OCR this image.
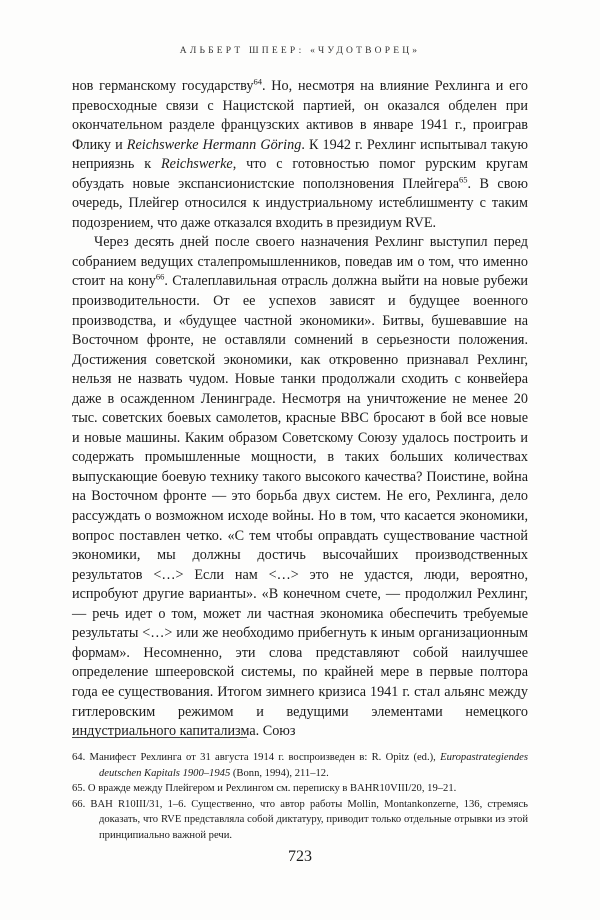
АЛЬБЕРТ ШПЕЕР: «ЧУДОТВОРЕЦ»

нов германскому государству$^{64}$. Но, несмотря на влияние Рехлинга и его превосходные связи с Нацистской партией, он оказался обделен при окончательном разделе французских активов в январе 1941 г., проиграв Флику и Reichswerke Hermann Göring. К 1942 г. Рехлинг испытывал такую неприязнь к Reichswerke, что с готовностью помог рурским кругам обуздать новые экспансионистские поползновения Плейгера$^{65}$. В свою очередь, Плейгер относился к индустриальному истеблишменту с таким подозрением, что даже отказался входить в президиум RVE.

Через десять дней после своего назначения Рехлинг выступил перед собранием ведущих сталепромышленников, поведав им о том, что именно стоит на кону$^{66}$. Сталеплавильная отрасль должна выйти на новые рубежи производительности. От ее успехов зависят и будущее военного производства, и «будущее частной экономики». Битвы, бушевавшие на Восточном фронте, не оставляли сомнений в серьезности положения. Достижения советской экономики, как откровенно признавал Рехлинг, нельзя не назвать чудом. Новые танки продолжали сходить с конвейера даже в осажденном Ленинграде. Несмотря на уничтожение не менее 20 тыс. советских боевых самолетов, красные ВВС бросают в бой все новые и новые машины. Каким образом Советскому Союзу удалось построить и содержать промышленные мощности, в таких больших количествах выпускающие боевую технику такого высокого качества? Поистине, война на Восточном фронте — это борьба двух систем. Не его, Рехлинга, дело рассуждать о возможном исходе войны. Но в том, что касается экономики, вопрос поставлен четко. «С тем чтобы оправдать существование частной экономики, мы должны достичь высочайших производственных результатов <…> Если нам <…> это не удастся, люди, вероятно, испробуют другие варианты». «В конечном счете, — продолжил Рехлинг, — речь идет о том, может ли частная экономика обеспечить требуемые результаты <…> или же необходимо прибегнуть к иным организационным формам». Несомненно, эти слова представляют собой наилучшее определение шпееровской системы, по крайней мере в первые полтора года ее существования. Итогом зимнего кризиса 1941 г. стал альянс между гитлеровским режимом и ведущими элементами немецкого индустриального капитализма. Союз

64. Манифест Рехлинга от 31 августа 1914 г. воспроизведен в: R. Opitz (ed.), Europastrategiendes deutschen Kapitals 1900–1945 (Bonn, 1994), 211–12.
65. О вражде между Плейгером и Рехлингом см. переписку в BAHR10VIII/20, 19–21.
66. BAH R10III/31, 1–6. Существенно, что автор работы Mollin, Montankonzerne, 136, стремясь доказать, что RVE представляла собой диктатуру, приводит только отдельные отрывки из этой принципиально важной речи.
723
